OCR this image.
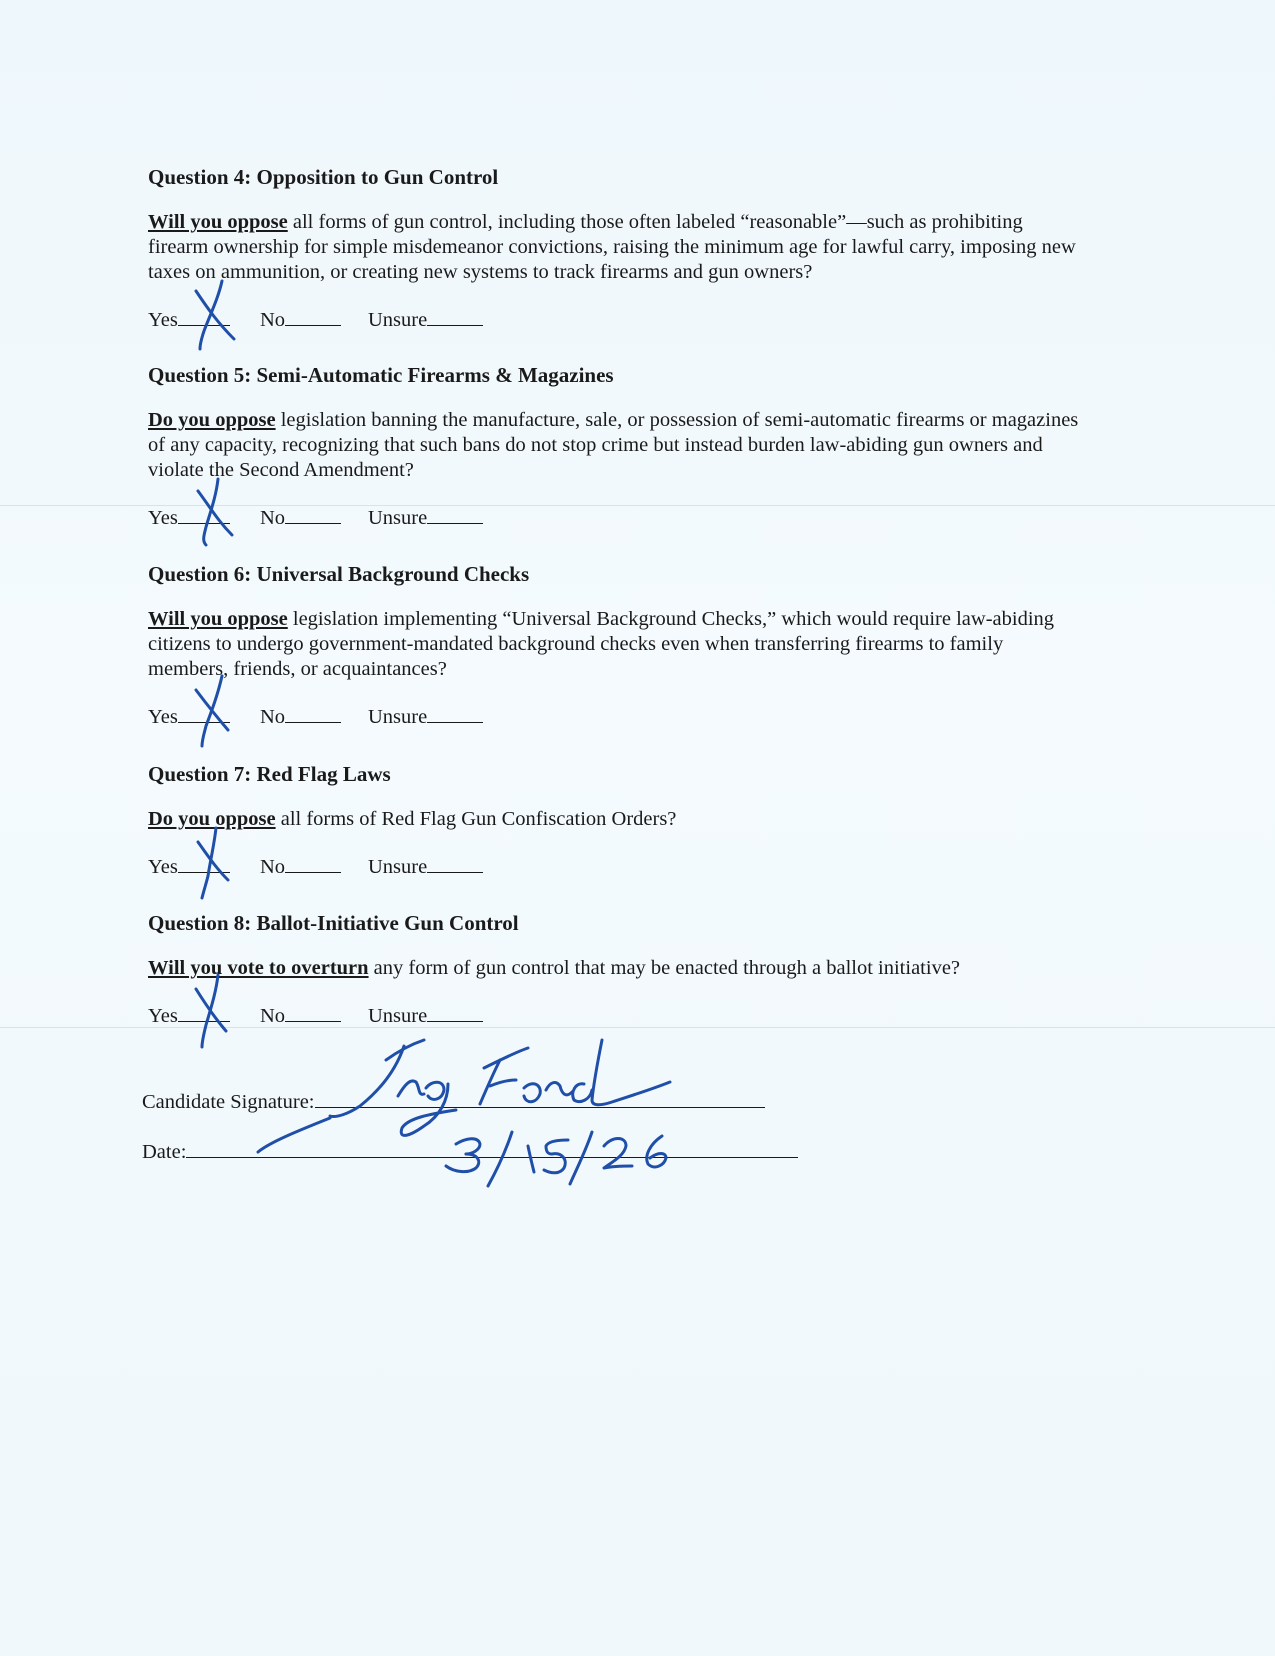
Question 4: Opposition to Gun Control

Will you oppose all forms of gun control, including those often labeled “reasonable”—such as prohibiting firearm ownership for simple misdemeanor convictions, raising the minimum age for lawful carry, imposing new taxes on ammunition, or creating new systems to track firearms and gun owners?

Yes	No	Unsure

Question 5: Semi-Automatic Firearms & Magazines

Do you oppose legislation banning the manufacture, sale, or possession of semi-automatic firearms or magazines of any capacity, recognizing that such bans do not stop crime but instead burden law-abiding gun owners and violate the Second Amendment?

Yes	No	Unsure

Question 6: Universal Background Checks

Will you oppose legislation implementing “Universal Background Checks,” which would require law-abiding citizens to undergo government-mandated background checks even when transferring firearms to family members, friends, or acquaintances?

Yes	No	Unsure

Question 7: Red Flag Laws

Do you oppose all forms of Red Flag Gun Confiscation Orders?

Yes	No	Unsure

Question 8: Ballot-Initiative Gun Control

Will you vote to overturn any form of gun control that may be enacted through a ballot initiative?

Yes	No	Unsure
Candidate Signature:
Date:
